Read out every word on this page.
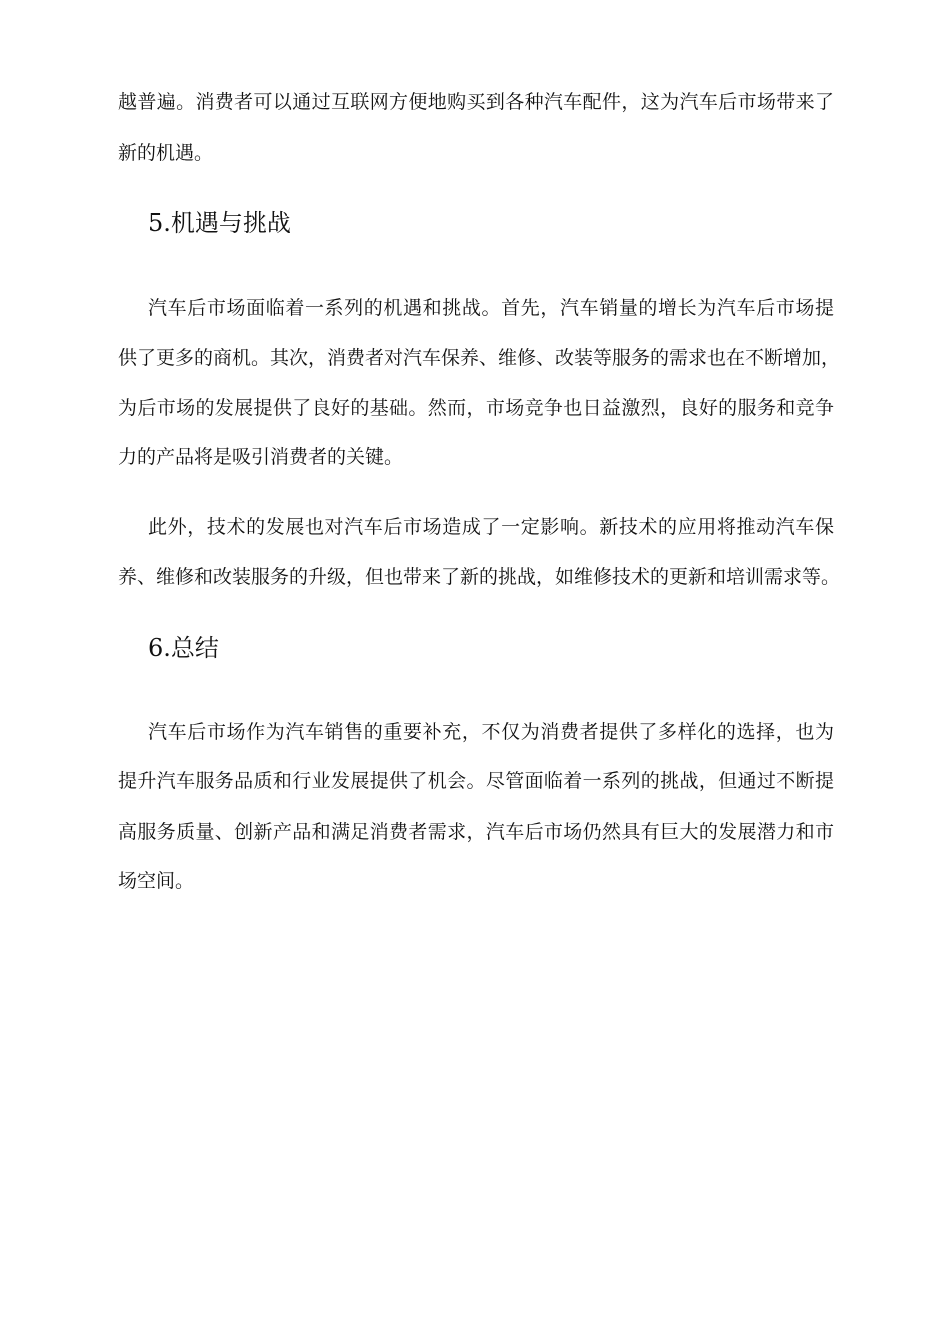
越普遍。消费者可以通过互联网方便地购买到各种汽车配件，这为汽车后市场带来了

新的机遇。

5.机遇与挑战

汽车后市场面临着一系列的机遇和挑战。首先，汽车销量的增长为汽车后市场提

供了更多的商机。其次，消费者对汽车保养、维修、改装等服务的需求也在不断增加，

为后市场的发展提供了良好的基础。然而，市场竞争也日益激烈，良好的服务和竞争

力的产品将是吸引消费者的关键。

此外，技术的发展也对汽车后市场造成了一定影响。新技术的应用将推动汽车保

养、维修和改装服务的升级，但也带来了新的挑战，如维修技术的更新和培训需求等。

6.总结

汽车后市场作为汽车销售的重要补充，不仅为消费者提供了多样化的选择，也为

提升汽车服务品质和行业发展提供了机会。尽管面临着一系列的挑战，但通过不断提

高服务质量、创新产品和满足消费者需求，汽车后市场仍然具有巨大的发展潜力和市

场空间。
